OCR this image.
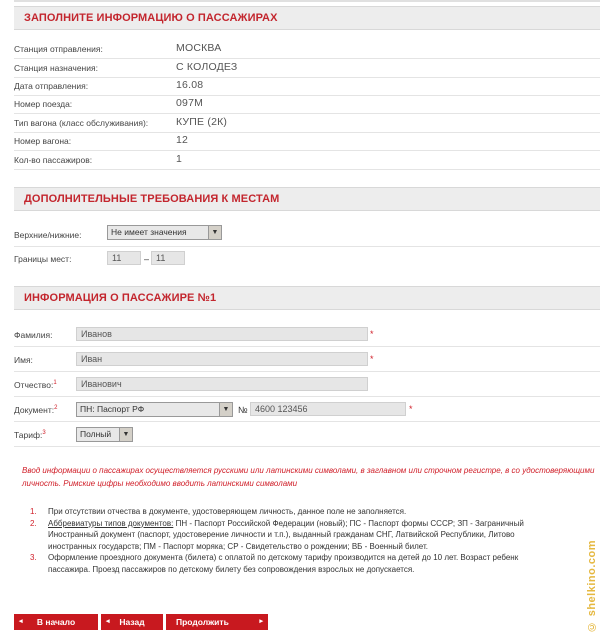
ЗАПОЛНИТЕ ИНФОРМАЦИЮ О ПАССАЖИРАХ
Станция отправления:	МОСКВА
Станция назначения:	С КОЛОДЕЗ
Дата отправления:	16.08
Номер поезда:	097М
Тип вагона (класс обслуживания):	КУПЕ (2К)
Номер вагона:	12
Кол-во пассажиров:	1
ДОПОЛНИТЕЛЬНЫЕ ТРЕБОВАНИЯ К МЕСТАМ
Верхние/нижние:	Не имеет значения	▼
Границы мест:	11	– 11
ИНФОРМАЦИЯ О ПАССАЖИРЕ №1
Фамилия:	Иванов	*
Имя:	Иван	*
Отчество:$^1$	Иванович
Документ:$^2$	ПН: Паспорт РФ	▼ № 4600 123456	*
Тариф:$^3$	Полный	▼
Ввод информации о пассажирах осуществляется русскими или латинскими символами, в заглавном или строчном регистре, в со удостоверяющими личность. Римские цифры необходимо вводить латинскими символами
1. При отсутствии отчества в документе, удостоверяющем личность, данное поле не заполняется.
2. Аббревиатуры типов документов: ПН - Паспорт Российской Федерации (новый); ПС - Паспорт формы СССР; ЗП - Заграничный
Иностранный документ (паспорт, удостоверение личности и т.п.), выданный гражданам СНГ, Латвийской Республики, Литово
иностранных государств; ПМ - Паспорт моряка; СР - Свидетельство о рождении; ВБ - Военный билет.
3. Оформление проездного документа (билета) с оплатой по детскому тарифу производится на детей до 10 лет. Возраст ребенк
пассажира. Проезд пассажиров по детскому билету без сопровождения взрослых не допускается.
◂ В начало	◂ Назад	Продолжить	▸	© shelkino.com
